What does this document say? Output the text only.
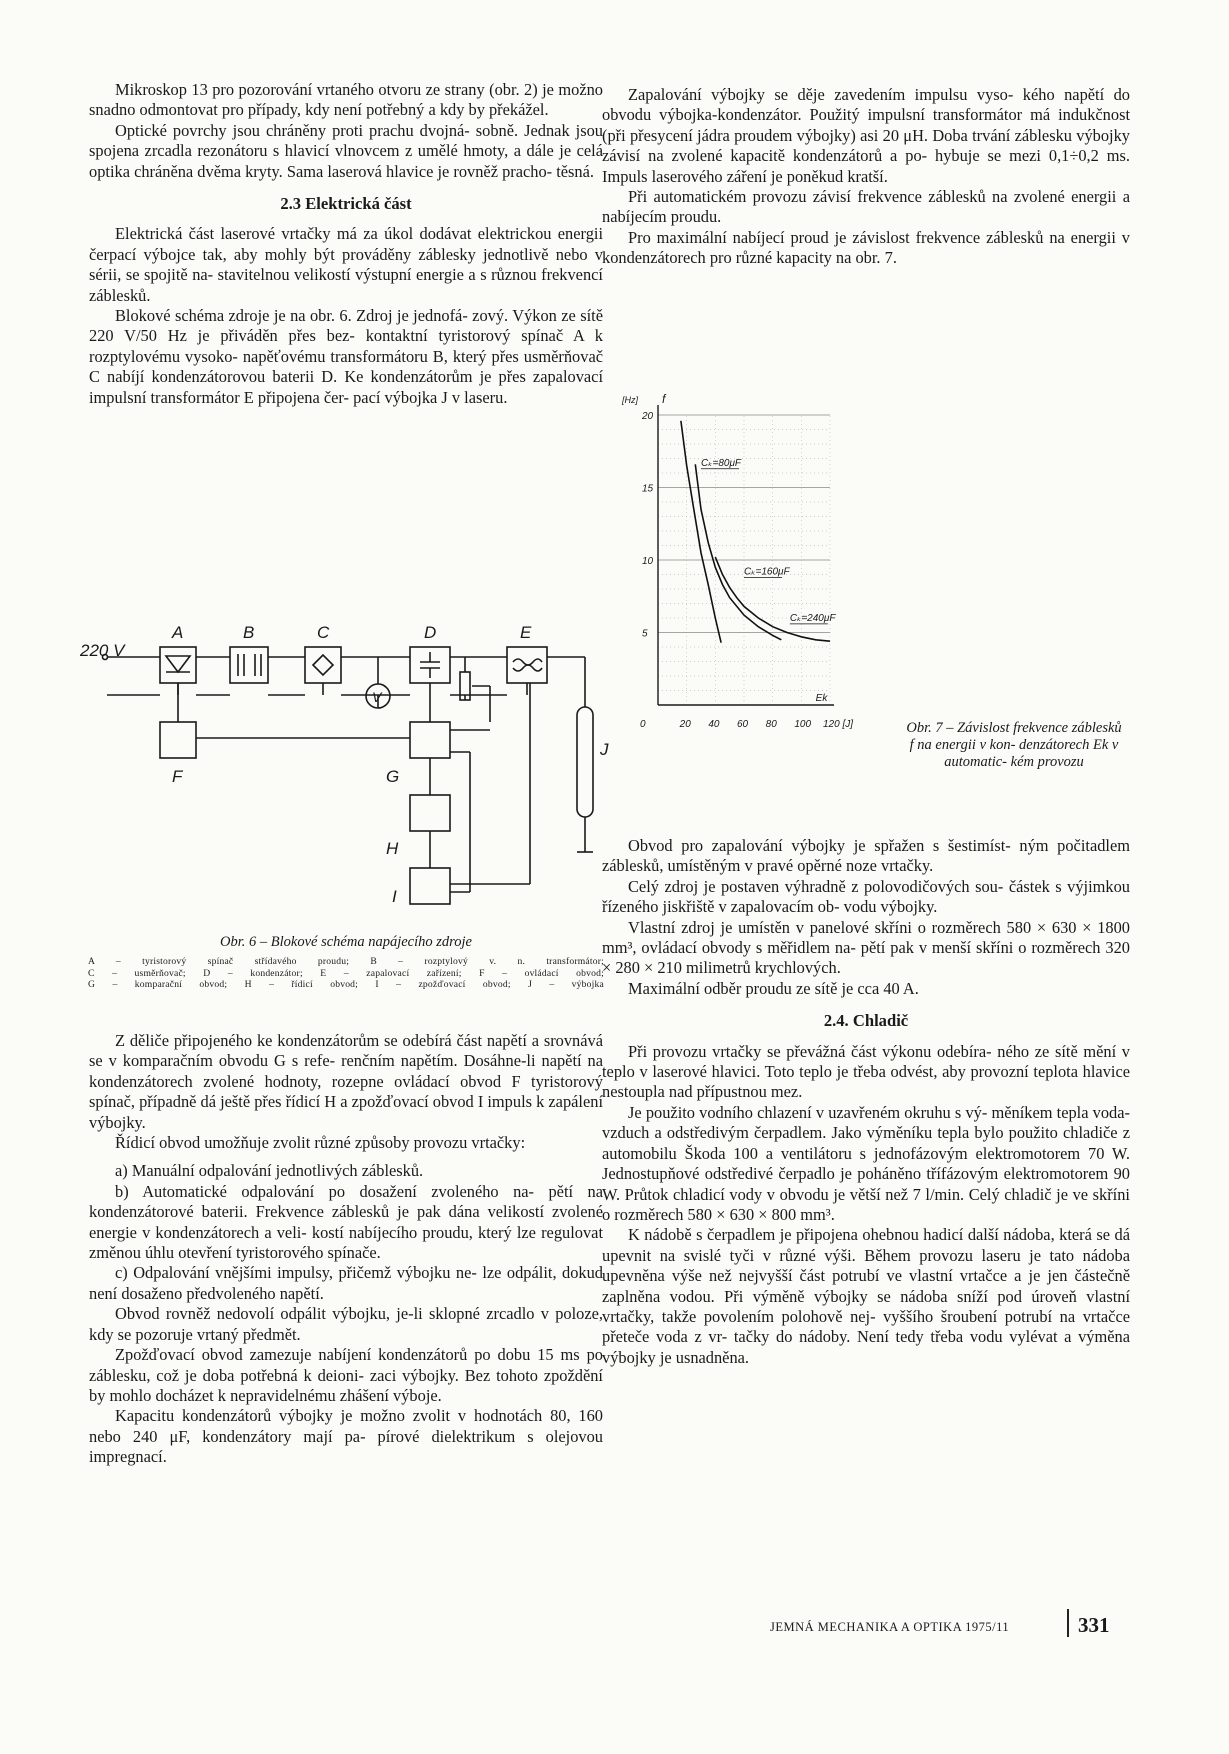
Mikroskop 13 pro pozorování vrtaného otvoru ze strany (obr. 2) je možno snadno odmontovat pro případy, kdy není potřebný a kdy by překážel.

Optické povrchy jsou chráněny proti prachu dvojná- sobně. Jednak jsou spojena zrcadla rezonátoru s hlavicí vlnovcem z umělé hmoty, a dále je celá optika chráněna dvěma kryty. Sama laserová hlavice je rovněž pracho- těsná.

2.3 Elektrická část

Elektrická část laserové vrtačky má za úkol dodávat elektrickou energii čerpací výbojce tak, aby mohly být prováděny záblesky jednotlivě nebo v sérii, se spojitě na- stavitelnou velikostí výstupní energie a s různou frekvencí záblesků.

Blokové schéma zdroje je na obr. 6. Zdroj je jednofá- zový. Výkon ze sítě 220 V/50 Hz je přiváděn přes bez- kontaktní tyristorový spínač A k rozptylovému vysoko- napěťovému transformátoru B, který přes usměrňovač C nabíjí kondenzátorovou baterii D. Ke kondenzátorům je přes zapalovací impulsní transformátor E připojena čer- pací výbojka J v laseru.

A	B	C	D	E
F	G
H
I
J
220 V
V
Obr. 6 – Blokové schéma napájecího zdroje
A – tyristorový spínač střídavého proudu; B – rozptylový v. n. transformátor;
C – usměrňovač; D – kondenzátor; E – zapalovací zařízení; F – ovládací obvod;
G – komparační obvod; H – řídicí obvod; I – zpožďovací obvod; J – výbojka

Z děliče připojeného ke kondenzátorům se odebírá část napětí a srovnává se v komparačním obvodu G s refe- renčním napětím. Dosáhne-li napětí na kondenzátorech zvolené hodnoty, rozepne ovládací obvod F tyristorový spínač, případně dá ještě přes řídicí H a zpožďovací obvod I impuls k zapálení výbojky.

Řídicí obvod umožňuje zvolit různé způsoby provozu vrtačky:

a) Manuální odpalování jednotlivých záblesků.

b) Automatické odpalování po dosažení zvoleného na- pětí na kondenzátorové baterii. Frekvence záblesků je pak dána velikostí zvolené energie v kondenzátorech a veli- kostí nabíjecího proudu, který lze regulovat změnou úhlu otevření tyristorového spínače.

c) Odpalování vnějšími impulsy, přičemž výbojku ne- lze odpálit, dokud není dosaženo předvoleného napětí.

Obvod rovněž nedovolí odpálit výbojku, je-li sklopné zrcadlo v poloze, kdy se pozoruje vrtaný předmět.

Zpožďovací obvod zamezuje nabíjení kondenzátorů po dobu 15 ms po záblesku, což je doba potřebná k deioni- zaci výbojky. Bez tohoto zpoždění by mohlo docházet k nepravidelnému zhášení výboje.

Kapacitu kondenzátorů výbojky je možno zvolit v hodnotách 80, 160 nebo 240 μF, kondenzátory mají pa- pírové dielektrikum s olejovou impregnací.

Zapalování výbojky se děje zavedením impulsu vyso- kého napětí do obvodu výbojka-kondenzátor. Použitý impulsní transformátor má indukčnost (při přesycení jádra proudem výbojky) asi 20 μH. Doba trvání záblesku výbojky závisí na zvolené kapacitě kondenzátorů a po- hybuje se mezi 0,1÷0,2 ms. Impuls laserového záření je poněkud kratší.

Při automatickém provozu závisí frekvence záblesků na zvolené energii a nabíjecím proudu.

Pro maximální nabíjecí proud je závislost frekvence záblesků na energii v kondenzátorech pro různé kapacity na obr. 7.

5
10
15
20
0	20 40 60 80 100 120 [J]
[Hz] f
Ek
Cₖ=80μF
Cₖ=160μF
Cₖ=240μF
Obr. 7 – Závislost frekvence záblesků f na energii v kon- denzátorech Ek v automatic- kém provozu

Obvod pro zapalování výbojky je spřažen s šestimíst- ným počitadlem záblesků, umístěným v pravé opěrné noze vrtačky.

Celý zdroj je postaven výhradně z polovodičových sou- částek s výjimkou řízeného jiskřiště v zapalovacím ob- vodu výbojky.

Vlastní zdroj je umístěn v panelové skříni o rozměrech 580 × 630 × 1800 mm³, ovládací obvody s měřidlem na- pětí pak v menší skříni o rozměrech 320 × 280 × 210 milimetrů krychlových.

Maximální odběr proudu ze sítě je cca 40 A.

2.4. Chladič

Při provozu vrtačky se převážná část výkonu odebíra- ného ze sítě mění v teplo v laserové hlavici. Toto teplo je třeba odvést, aby provozní teplota hlavice nestoupla nad přípustnou mez.

Je použito vodního chlazení v uzavřeném okruhu s vý- měníkem tepla voda-vzduch a odstředivým čerpadlem. Jako výměníku tepla bylo použito chladiče z automobilu Škoda 100 a ventilátoru s jednofázovým elektromotorem 70 W. Jednostupňové odstředivé čerpadlo je poháněno třífázovým elektromotorem 90 W. Průtok chladicí vody v obvodu je větší než 7 l/min. Celý chladič je ve skříni o rozměrech 580 × 630 × 800 mm³.

K nádobě s čerpadlem je připojena ohebnou hadicí další nádoba, která se dá upevnit na svislé tyči v různé výši. Během provozu laseru je tato nádoba upevněna výše než nejvyšší část potrubí ve vlastní vrtačce a je jen částečně zaplněna vodou. Při výměně výbojky se nádoba sníží pod úroveň vlastní vrtačky, takže povolením polohově nej- vyššího šroubení potrubí na vrtačce přeteče voda z vr- tačky do nádoby. Není tedy třeba vodu vylévat a výměna výbojky je usnadněna.

JEMNÁ MECHANIKA A OPTIKA 1975/11	331
